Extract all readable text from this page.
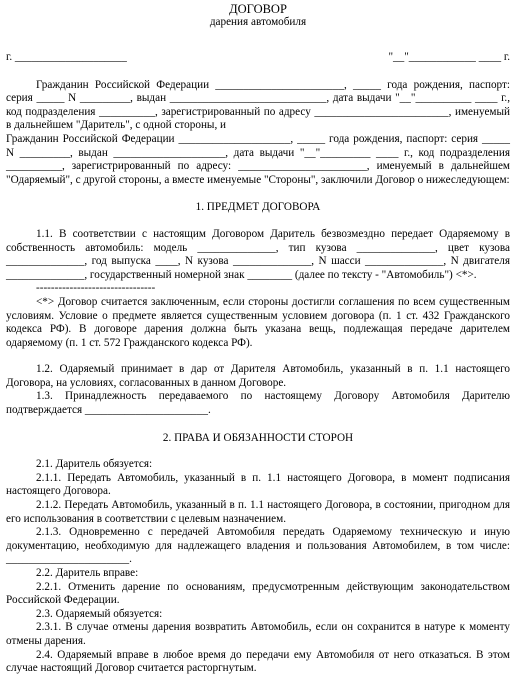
ДОГОВОР
дарения автомобиля
г. ____________________	"__"____________ ____ г.

Гражданин Российской Федерации _______________________, _____ года рождения, паспорт: серия _____ N _________, выдан ____________________________, дата выдачи "__"__________ ____ г., код подразделения __________, зарегистрированный по адресу ________________________, именуемый в дальнейшем "Даритель", с одной стороны, и

Гражданин Российской Федерации ____________________, _____ года рождения, паспорт: серия _____ N _________, выдан ____________________, дата выдачи "__"_________ ____ г., код подразделения __________, зарегистрированный по адресу: _______________________, именуемый в дальнейшем "Одаряемый", с другой стороны, а вместе именуемые "Стороны", заключили Договор о нижеследующем:

1. ПРЕДМЕТ ДОГОВОРА

1.1. В соответствии с настоящим Договором Даритель безвозмездно передает Одаряемому в собственность автомобиль: модель ______________, тип кузова ______________, цвет кузова ______________, год выпуска ____, N кузова ______________, N шасси ______________, N двигателя ______________, государственный номерной знак ________ (далее по тексту - "Автомобиль") <*>.

--------------------------------

<*> Договор считается заключенным, если стороны достигли соглашения по всем существенным условиям. Условие о предмете является существенным условием договора (п. 1 ст. 432 Гражданского кодекса РФ). В договоре дарения должна быть указана вещь, подлежащая передаче дарителем одаряемому (п. 1 ст. 572 Гражданского кодекса РФ).

1.2. Одаряемый принимает в дар от Дарителя Автомобиль, указанный в п. 1.1 настоящего Договора, на условиях, согласованных в данном Договоре.

1.3. Принадлежность передаваемого по настоящему Договору Автомобиля Дарителю подтверждается ______________________.

2. ПРАВА И ОБЯЗАННОСТИ СТОРОН

2.1. Даритель обязуется:

2.1.1. Передать Автомобиль, указанный в п. 1.1 настоящего Договора, в момент подписания настоящего Договора.

2.1.2. Передать Автомобиль, указанный в п. 1.1 настоящего Договора, в состоянии, пригодном для его использования в соответствии с целевым назначением.

2.1.3. Одновременно с передачей Автомобиля передать Одаряемому техническую и иную документацию, необходимую для надлежащего владения и пользования Автомобилем, в том числе: ______________________.

2.2. Даритель вправе:

2.2.1. Отменить дарение по основаниям, предусмотренным действующим законодательством Российской Федерации.

2.3. Одаряемый обязуется:

2.3.1. В случае отмены дарения возвратить Автомобиль, если он сохранится в натуре к моменту отмены дарения.

2.4. Одаряемый вправе в любое время до передачи ему Автомобиля от него отказаться. В этом случае настоящий Договор считается расторгнутым.
